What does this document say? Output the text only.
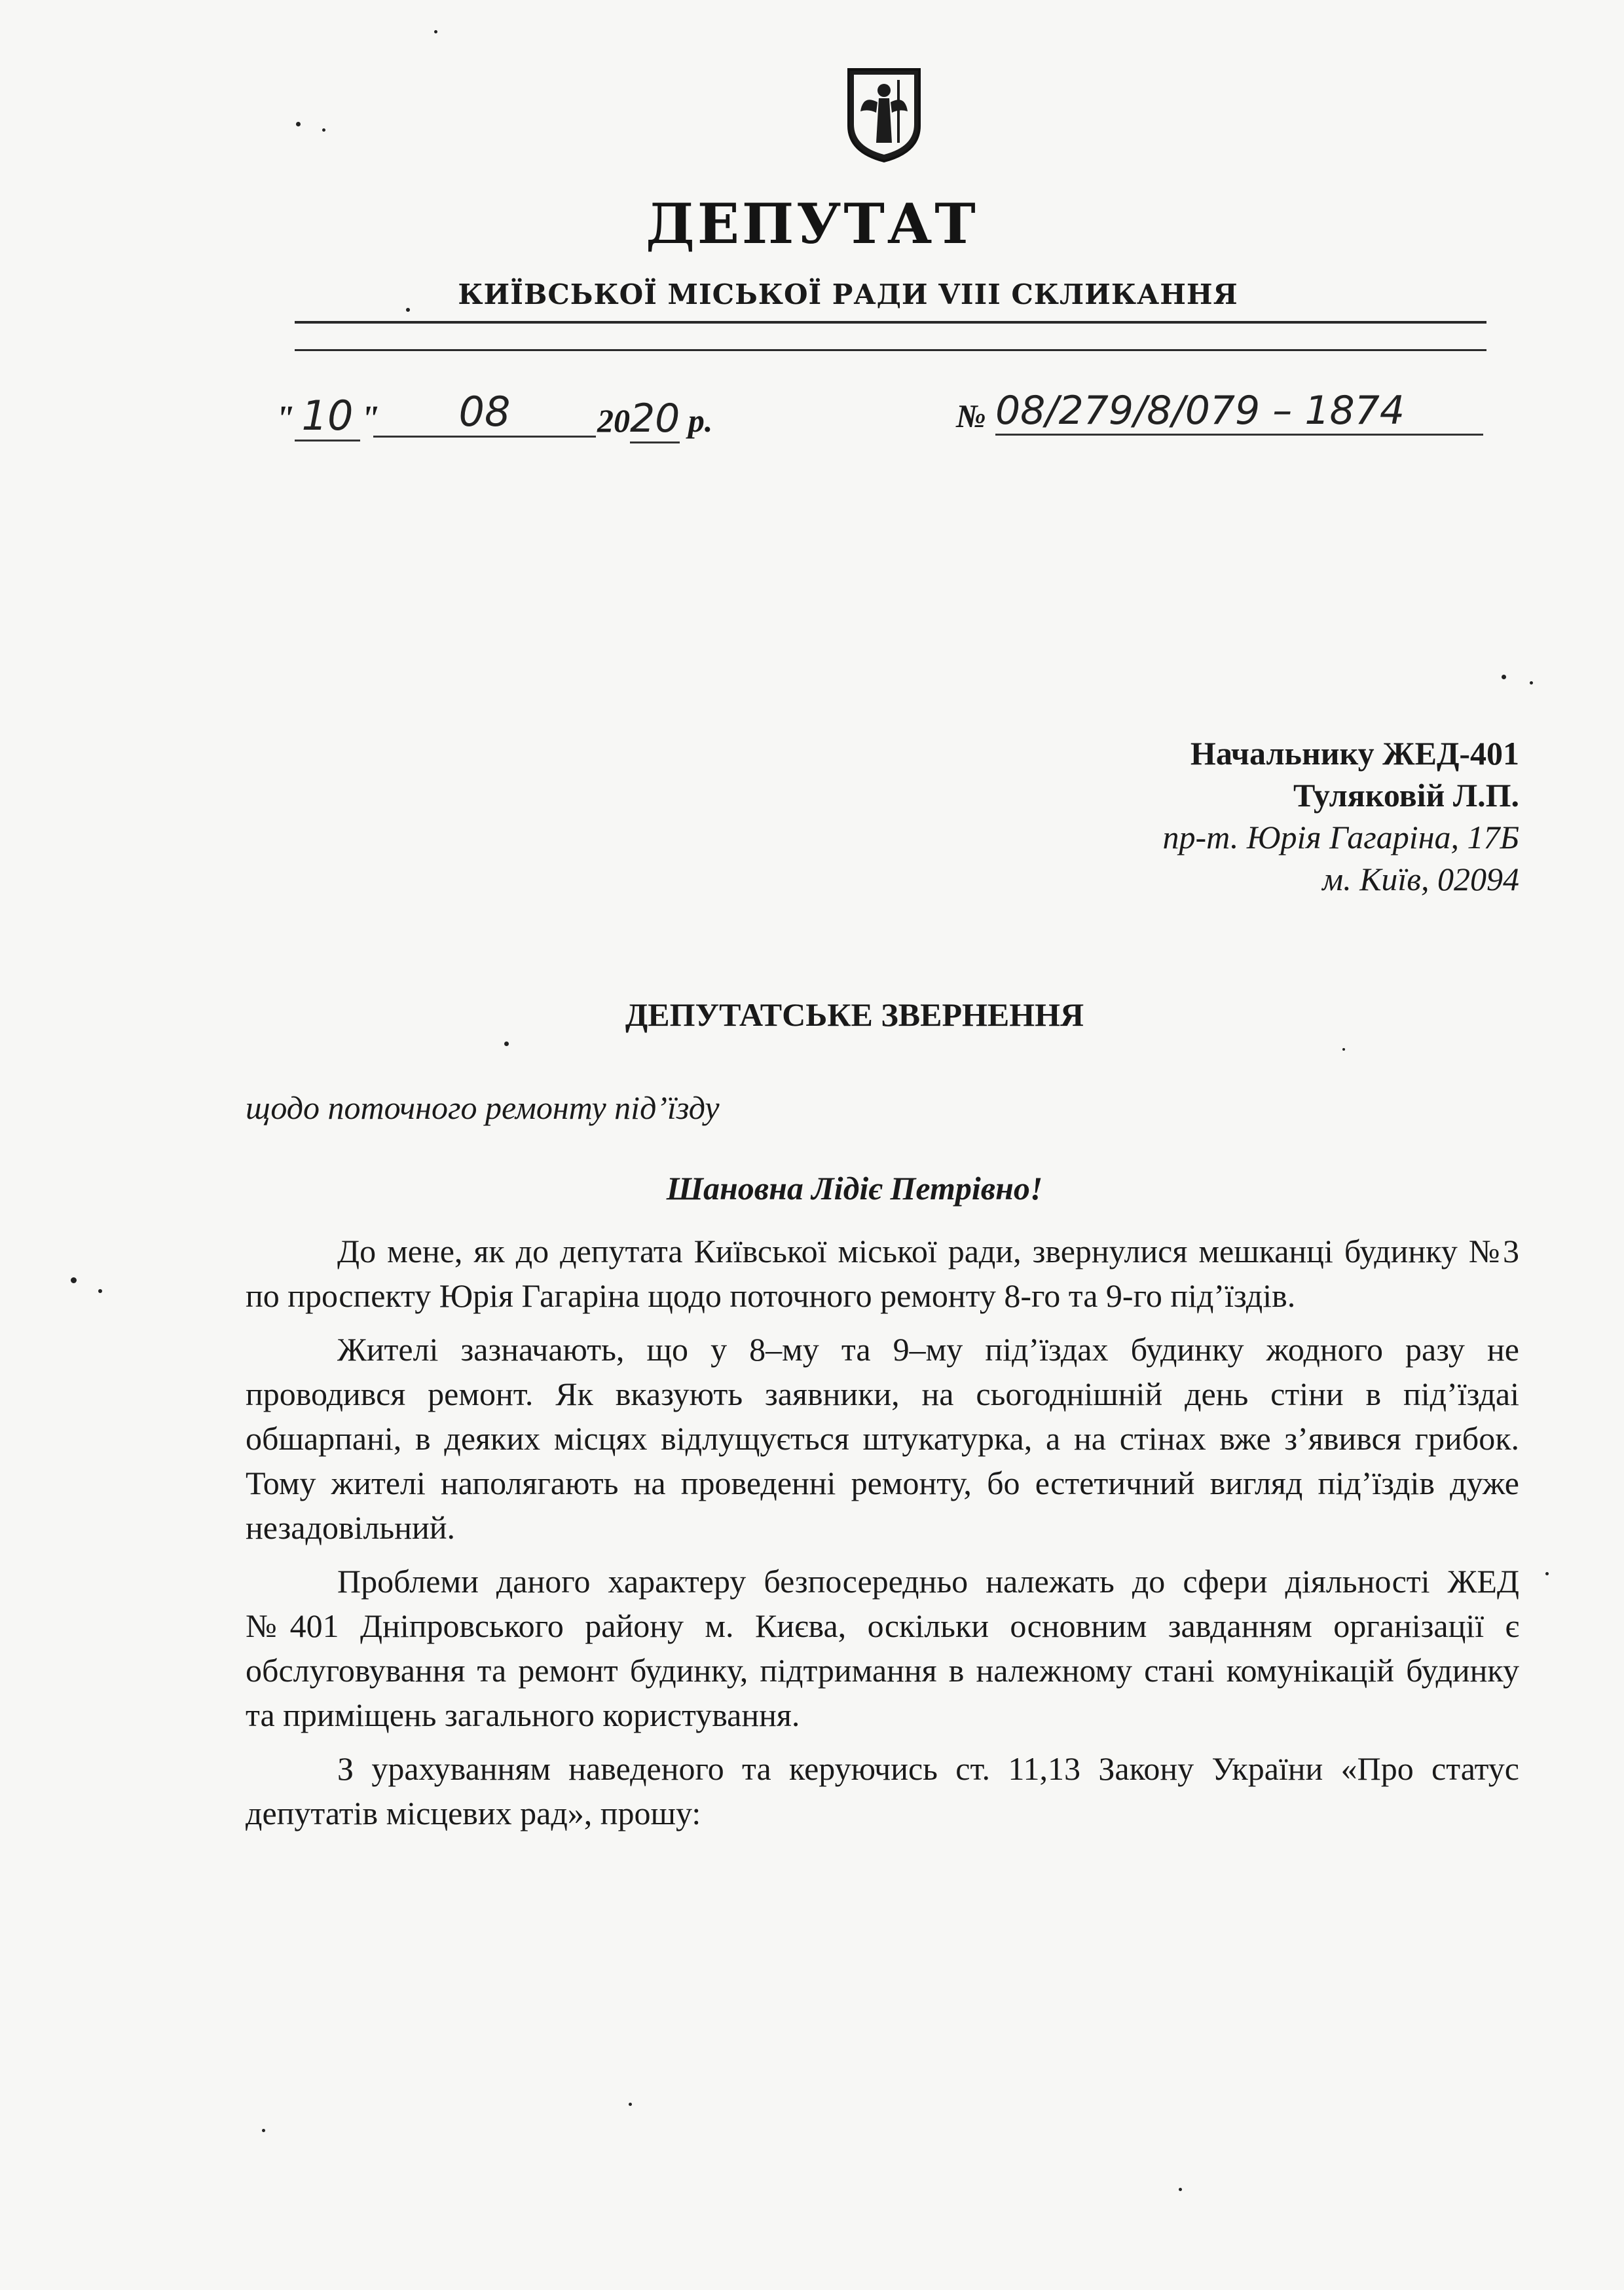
ДЕПУТАТ
КИЇВСЬКОЇ МІСЬКОЇ РАДИ VIII СКЛИКАННЯ
" 10 "	08	2020 р.	№ 08/279/8/079 – 1874
Начальнику ЖЕД-401
Туляковій Л.П.
пр-т. Юрія Гагаріна, 17Б
м. Київ, 02094
ДЕПУТАТСЬКЕ ЗВЕРНЕННЯ
щодо поточного ремонту під’їзду
Шановна Лідіє Петрівно!

До мене, як до депутата Київської міської ради, звернулися мешканці будинку №3 по проспекту Юрія Гагаріна щодо поточного ремонту 8-го та 9-го під’їздів.

Жителі зазначають, що у 8–му та 9–му під’їздах будинку жодного разу не проводився ремонт. Як вказують заявники, на сьогоднішній день стіни в під’їздаі обшарпані, в деяких місцях відлущується штукатурка, а на стінах вже з’явився грибок. Тому жителі наполягають на проведенні ремонту, бо естетичний вигляд під’їздів дуже незадовільний.

Проблеми даного характеру безпосередньо належать до сфери діяльності ЖЕД №401 Дніпровського району м. Києва, оскільки основним завданням організації є обслуговування та ремонт будинку, підтримання в належному стані комунікацій будинку та приміщень загального користування.

З урахуванням наведеного та керуючись ст. 11,13 Закону України «Про статус депутатів місцевих рад», прошу:
